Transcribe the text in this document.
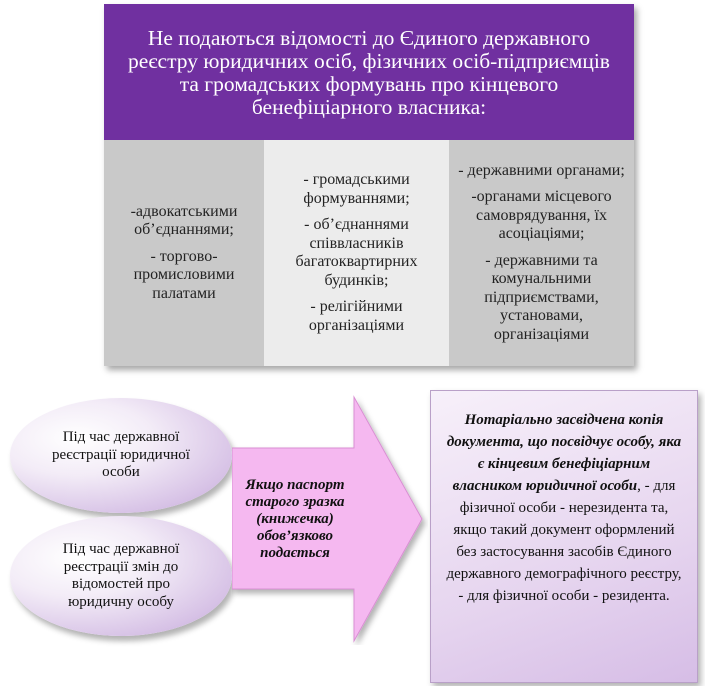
Не подаються відомості до Єдиного державного реєстру юридичних осіб, фізичних осіб-підприємців та громадських формувань про кінцевого бенефіціарного власника:
-адвокатськими об’єднаннями;
- торгово-промисловими палатами
- громадськими формуваннями;
- об’єднаннями співвласників багатоквартирних будинків;
- релігійними організаціями
- державними органами;
-органами місцевого самоврядування, їх асоціаціями;
- державними та комунальними підприємствами, установами, організаціями
Під час державної реєстрації юридичної особи
Під час державної реєстрації змін до відомостей про юридичну особу
Якщо паспорт старого зразка (книжечка) обов’язково подається
Нотаріально засвідчена копія документа, що посвідчує особу, яка є кінцевим бенефіціарним власником юридичної особи, - для фізичної особи - нерезидента та, якщо такий документ оформлений без застосування засобів Єдиного державного демографічного реєстру, - для фізичної особи - резидента.
